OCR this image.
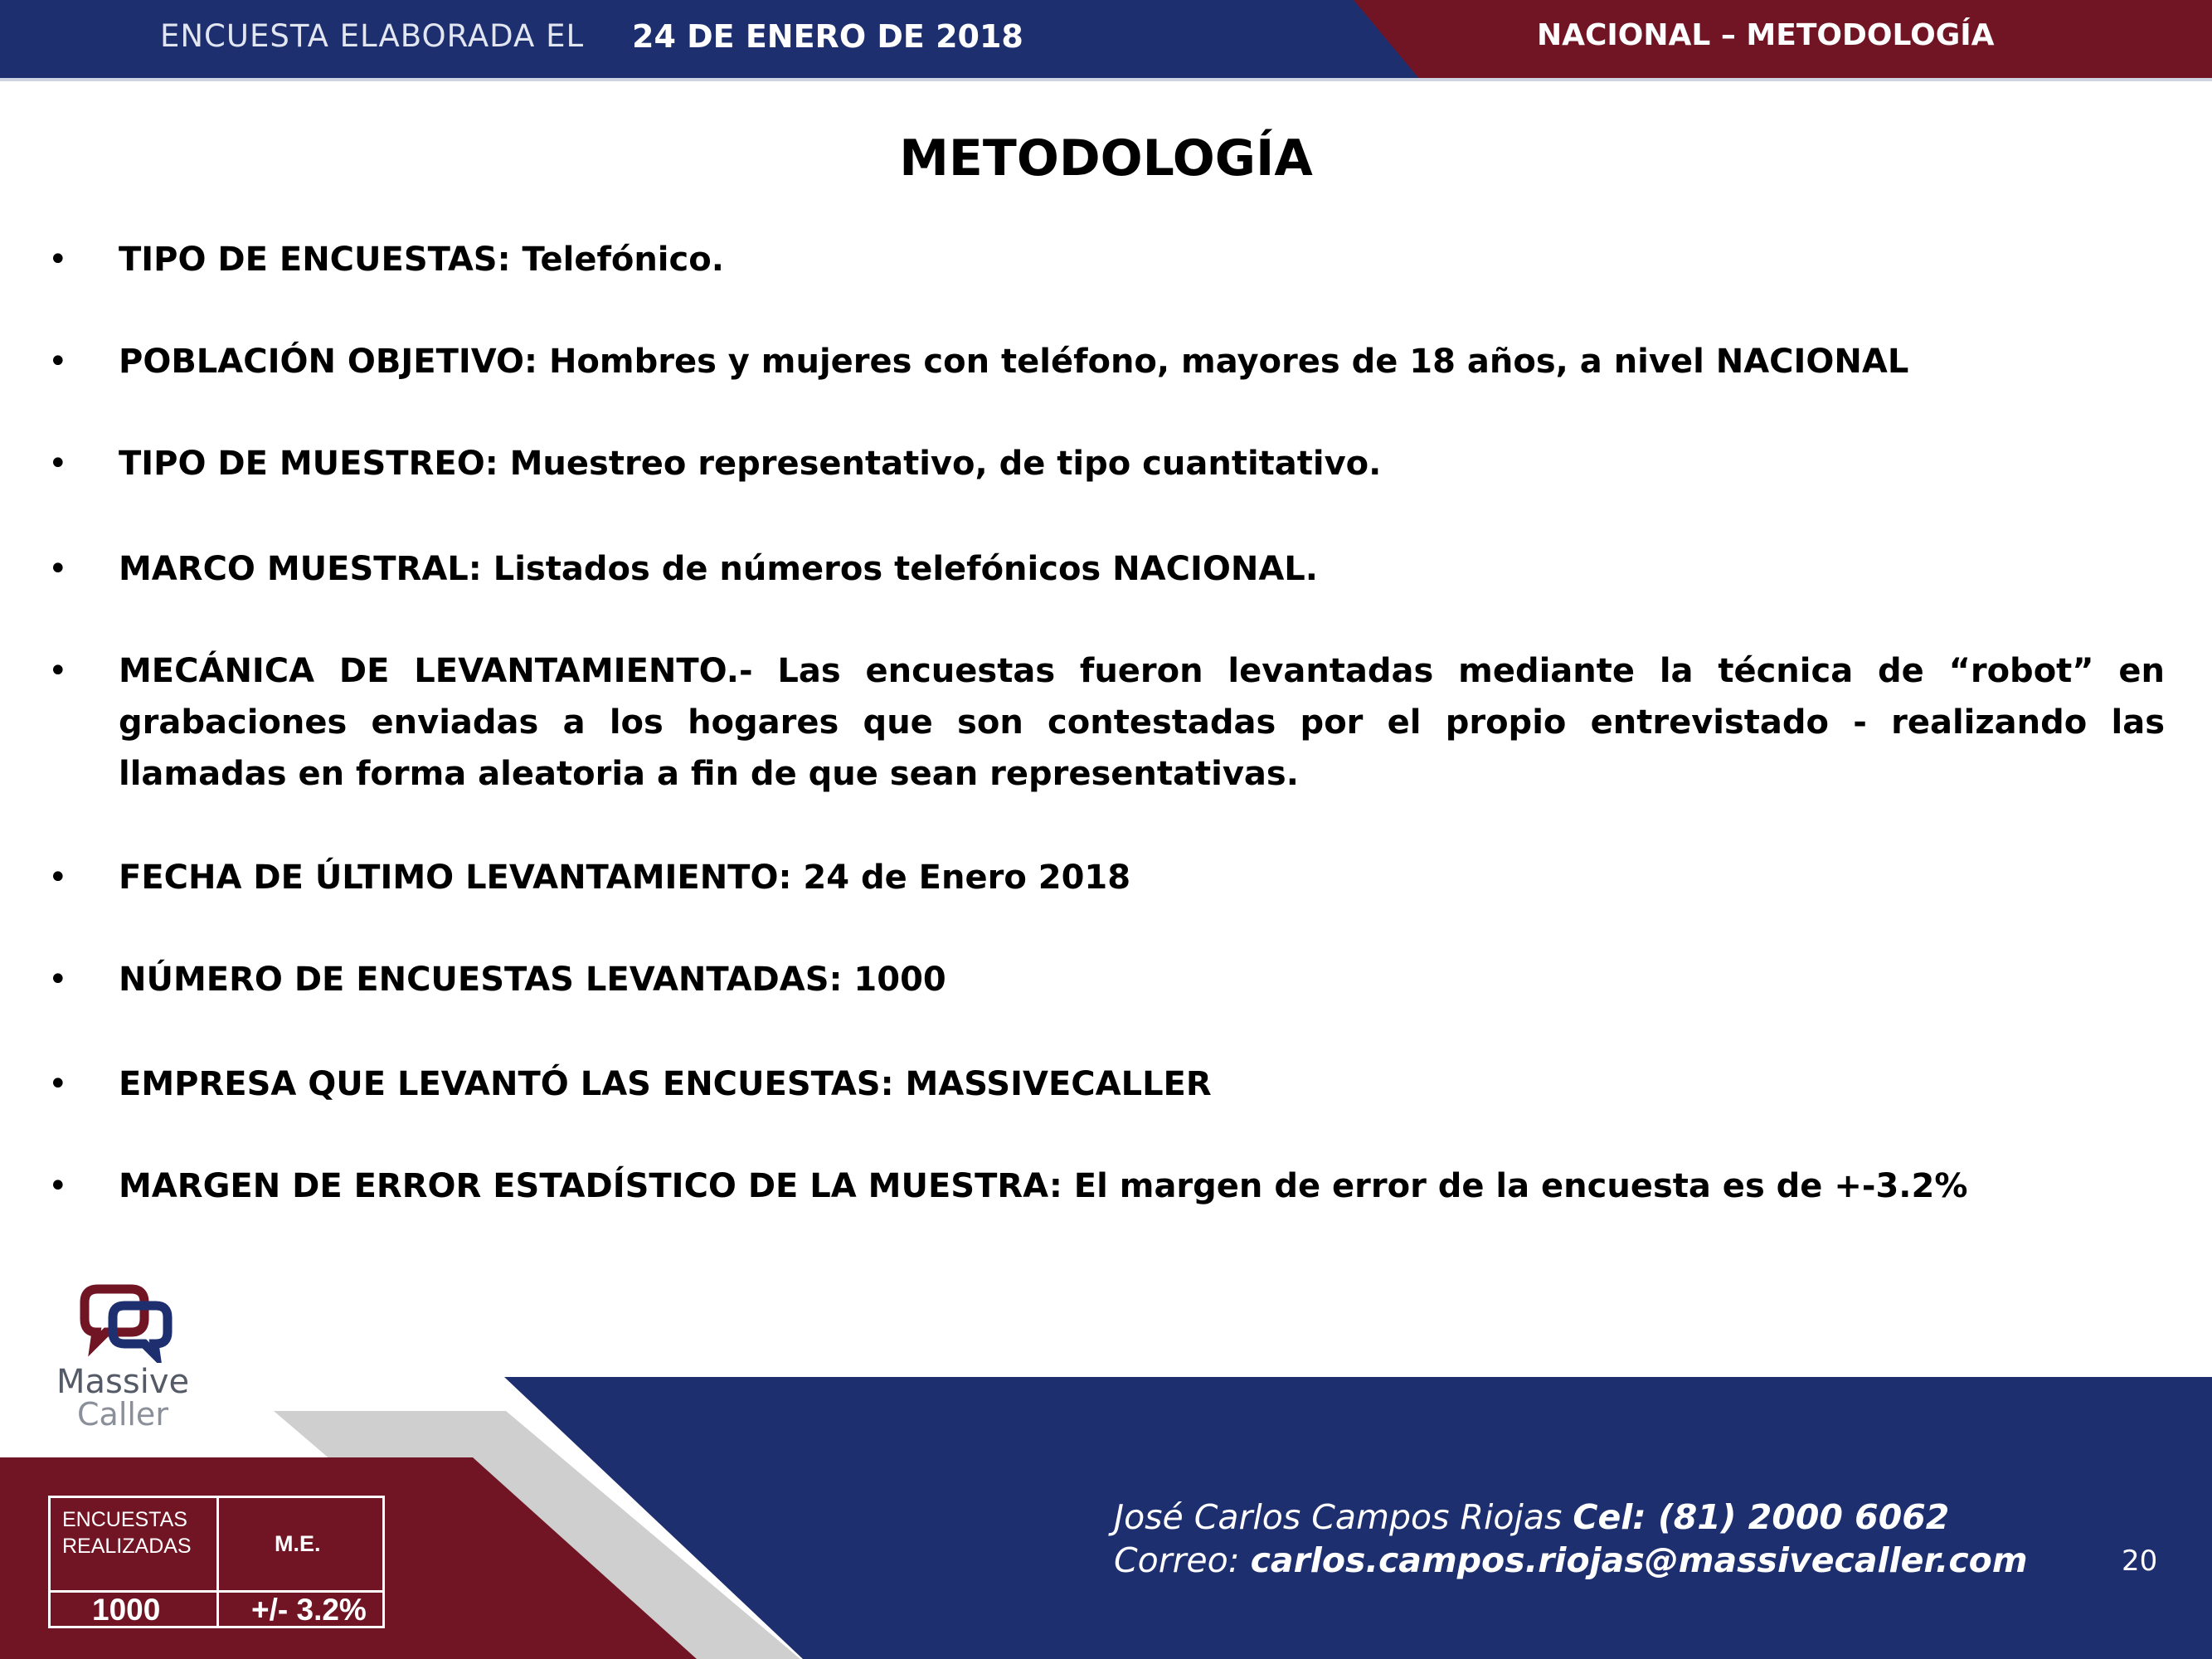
ENCUESTA ELABORADA EL 24 DE ENERO DE 2018	NACIONAL – METODOLOGÍA
METODOLOGÍA
• TIPO DE ENCUESTAS: Telefónico.
• POBLACIÓN OBJETIVO: Hombres y mujeres con teléfono, mayores de 18 años, a nivel NACIONAL
• TIPO DE MUESTREO: Muestreo representativo, de tipo cuantitativo.
• MARCO MUESTRAL: Listados de números telefónicos NACIONAL.
• MECÁNICA DE LEVANTAMIENTO.- Las encuestas fueron levantadas mediante la técnica de “robot” en grabaciones enviadas a los hogares que son contestadas por el propio entrevistado - realizando las llamadas en forma aleatoria a fin de que sean representativas.
• FECHA DE ÚLTIMO LEVANTAMIENTO: 24 de Enero 2018
• NÚMERO DE ENCUESTAS LEVANTADAS: 1000
• EMPRESA QUE LEVANTÓ LAS ENCUESTAS: MASSIVECALLER
• MARGEN DE ERROR ESTADÍSTICO DE LA MUESTRA: El margen de error de la encuesta es de +-3.2%
Massive
Caller
ENCUESTAS
REALIZADAS	M.E.
1000	+/- 3.2%
José Carlos Campos Riojas Cel: (81) 2000 6062
Correo: carlos.campos.riojas@massivecaller.com	20
